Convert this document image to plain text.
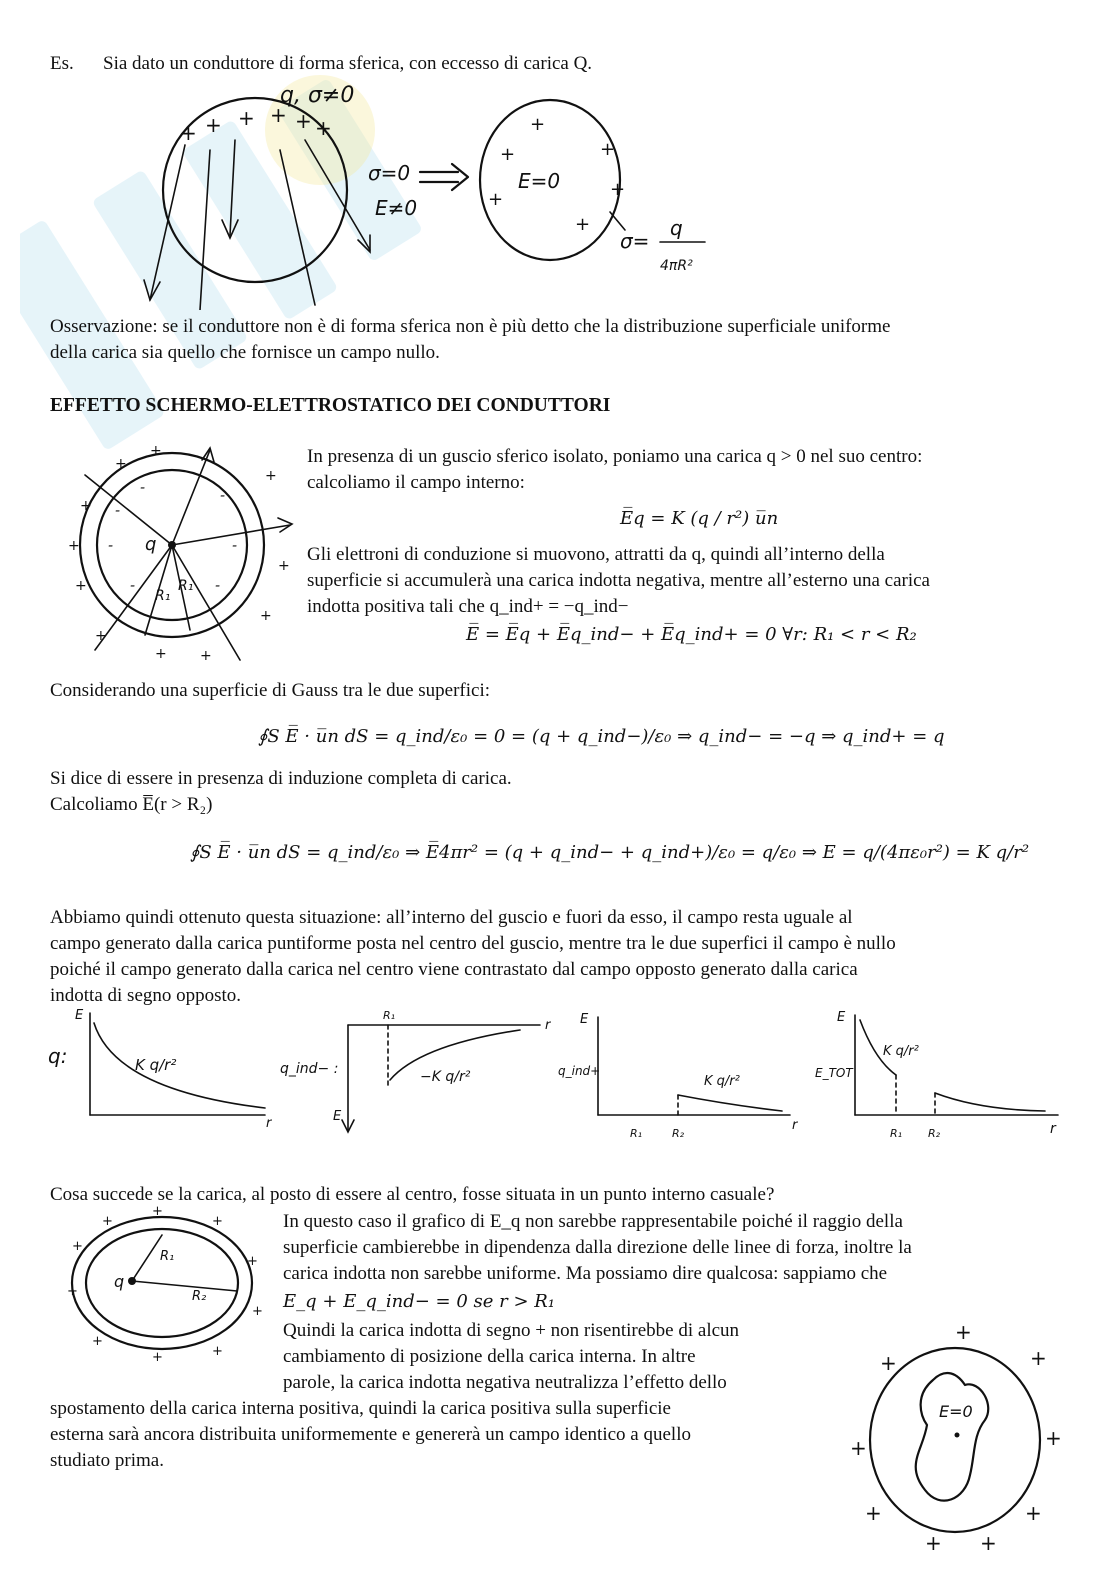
Es. Sia dato un conduttore di forma sferica, con eccesso di carica Q.
+ + + + + +
q, σ≠0
σ=0
E≠0
+
+
+
+
+
+
E=0
σ=
q
4πR²
Osservazione: se il conduttore non è di forma sferica non è più detto che la distribuzione superficiale uniforme
della carica sia quello che fornisce un campo nullo.
EFFETTO SCHERMO-ELETTROSTATICO DEI CONDUTTORI
+
+
+
+
+
+
+ +
+
+
+
-
-
-	-
-
-
-
q
R₁
R₁
In presenza di un guscio sferico isolato, poniamo una carica q > 0 nel suo centro:
calcoliamo il campo interno:
E̅q = K (q / r²) u̅n
Gli elettroni di conduzione si muovono, attratti da q, quindi all’interno della
superficie si accumulerà una carica indotta negativa, mentre all’esterno una carica
indotta positiva tali che q_ind+ = −q_ind−
E̅ = E̅q + E̅q_ind− + E̅q_ind+ = 0 ∀r: R₁ < r < R₂
Considerando una superficie di Gauss tra le due superfici:
∮S E̅ · u̅n dS = q_ind/ε₀ = 0 = (q + q_ind−)/ε₀ ⇒ q_ind− = −q ⇒ q_ind+ = q
Si dice di essere in presenza di induzione completa di carica.
Calcoliamo E̅(r > R₂)
∮S E̅ · u̅n dS = q_ind/ε₀ ⇒ E̅4πr² = (q + q_ind− + q_ind+)/ε₀ = q/ε₀ ⇒ E = q/(4πε₀r²) = K q/r²
Abbiamo quindi ottenuto questa situazione: all’interno del guscio e fuori da esso, il campo resta uguale al
campo generato dalla carica puntiforme posta nel centro del guscio, mentre tra le due superfici il campo è nullo
poiché il campo generato dalla carica nel centro viene contrastato dal campo opposto generato dalla carica
indotta di segno opposto.
E
r
q:	K q/r²
R₁
r
E
q_ind− :	−K q/r²
E
r
R₁	R₂
q_ind+
K q/r²
E
r
R₁ R₂
E_TOT
K q/r²
Cosa succede se la carica, al posto di essere al centro, fosse situata in un punto interno casuale?
q
R₁
R₂
+
+
+
+
+
+
+
+
+
+
In questo caso il grafico di E_q non sarebbe rappresentabile poiché il raggio della
superficie cambierebbe in dipendenza dalla direzione delle linee di forza, inoltre la
carica indotta non sarebbe uniforme. Ma possiamo dire qualcosa: sappiamo che
E_q + E_q_ind− = 0 se r > R₁
Quindi la carica indotta di segno + non risentirebbe di alcun
cambiamento di posizione della carica interna. In altre
parole, la carica indotta negativa neutralizza l’effetto dello
spostamento della carica interna positiva, quindi la carica positiva sulla superficie
esterna sarà ancora distribuita uniformemente e genererà un campo identico a quello
studiato prima.
E=0
+
+	+
+
+
+
+
+ +
